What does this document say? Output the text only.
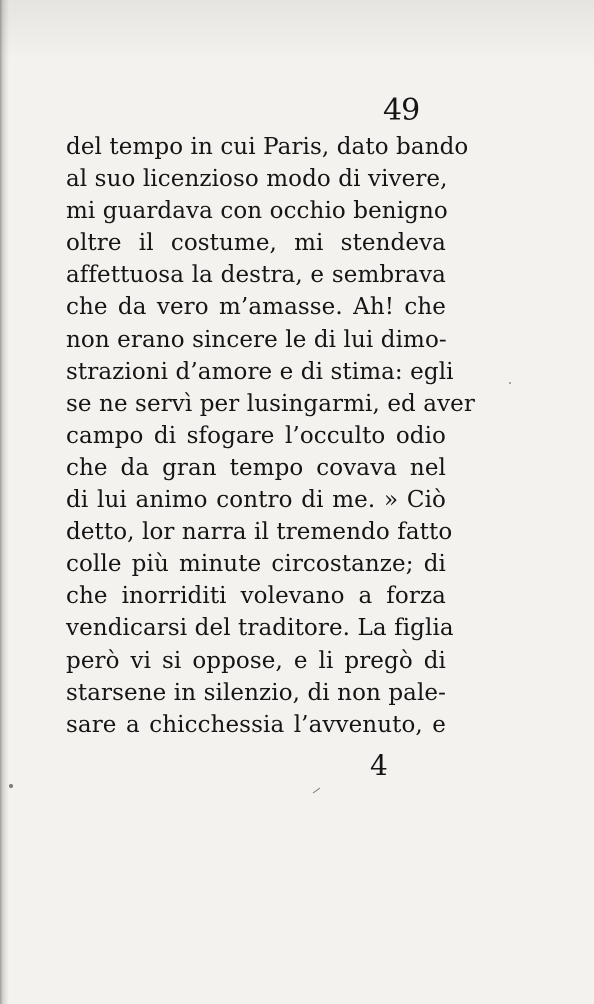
49
del tempo in cui Paris, dato bando
al suo licenzioso modo di vivere,
mi guardava con occhio benigno
oltre il costume, mi stendeva
affettuosa la destra, e sembrava
che da vero m’amasse. Ah! che
non erano sincere le di lui dimo-
strazioni d’amore e di stima: egli
se ne servì per lusingarmi, ed aver
campo di sfogare l’occulto odio
che da gran tempo covava nel
di lui animo contro di me. » Ciò
detto, lor narra il tremendo fatto
colle più minute circostanze; di
che inorriditi volevano a forza
vendicarsi del traditore. La figlia
però vi si oppose, e li pregò di
starsene in silenzio, di non pale-
sare a chicchessia l’avvenuto, e
4
